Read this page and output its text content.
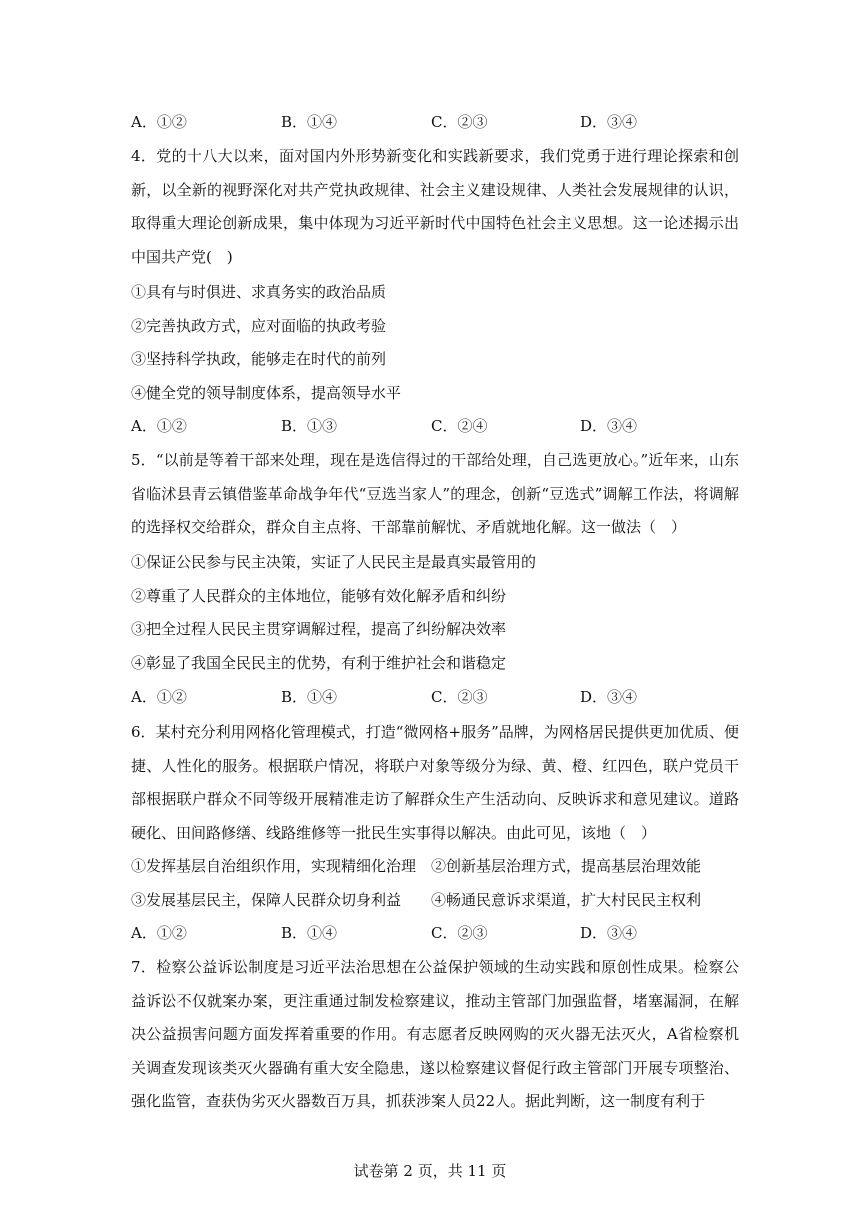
A．①②	B．①④	C．②③	D．③④
4．党的十八大以来，面对国内外形势新变化和实践新要求，我们党勇于进行理论探索和创新，以全新的视野深化对共产党执政规律、社会主义建设规律、人类社会发展规律的认识，取得重大理论创新成果，集中体现为习近平新时代中国特色社会主义思想。这一论述揭示出中国共产党(　)
①具有与时俱进、求真务实的政治品质
②完善执政方式，应对面临的执政考验
③坚持科学执政，能够走在时代的前列
④健全党的领导制度体系，提高领导水平
A．①②	B．①③	C．②④	D．③④
5．“以前是等着干部来处理，现在是选信得过的干部给处理，自己选更放心。”近年来，山东省临沭县青云镇借鉴革命战争年代“豆选当家人”的理念，创新“豆选式”调解工作法，将调解的选择权交给群众，群众自主点将、干部靠前解忧、矛盾就地化解。这一做法（　）
①保证公民参与民主决策，实证了人民民主是最真实最管用的
②尊重了人民群众的主体地位，能够有效化解矛盾和纠纷
③把全过程人民民主贯穿调解过程，提高了纠纷解决效率
④彰显了我国全民民主的优势，有利于维护社会和谐稳定
A．①②	B．①④	C．②③	D．③④
6．某村充分利用网格化管理模式，打造“微网格+服务”品牌，为网格居民提供更加优质、便捷、人性化的服务。根据联户情况，将联户对象等级分为绿、黄、橙、红四色，联户党员干部根据联户群众不同等级开展精准走访了解群众生产生活动向、反映诉求和意见建议。道路硬化、田间路修缮、线路维修等一批民生实事得以解决。由此可见，该地（　）
①发挥基层自治组织作用，实现精细化治理 ②创新基层治理方式，提高基层治理效能
③发展基层民主，保障人民群众切身利益 ④畅通民意诉求渠道，扩大村民民主权利
A．①②	B．①④	C．②③	D．③④
7．检察公益诉讼制度是习近平法治思想在公益保护领域的生动实践和原创性成果。检察公益诉讼不仅就案办案，更注重通过制发检察建议，推动主管部门加强监督，堵塞漏洞，在解决公益损害问题方面发挥着重要的作用。有志愿者反映网购的灭火器无法灭火，A省检察机关调查发现该类灭火器确有重大安全隐患，遂以检察建议督促行政主管部门开展专项整治、强化监管，查获伪劣灭火器数百万具，抓获涉案人员22人。据此判断，这一制度有利于
试卷第 2 页，共 11 页
